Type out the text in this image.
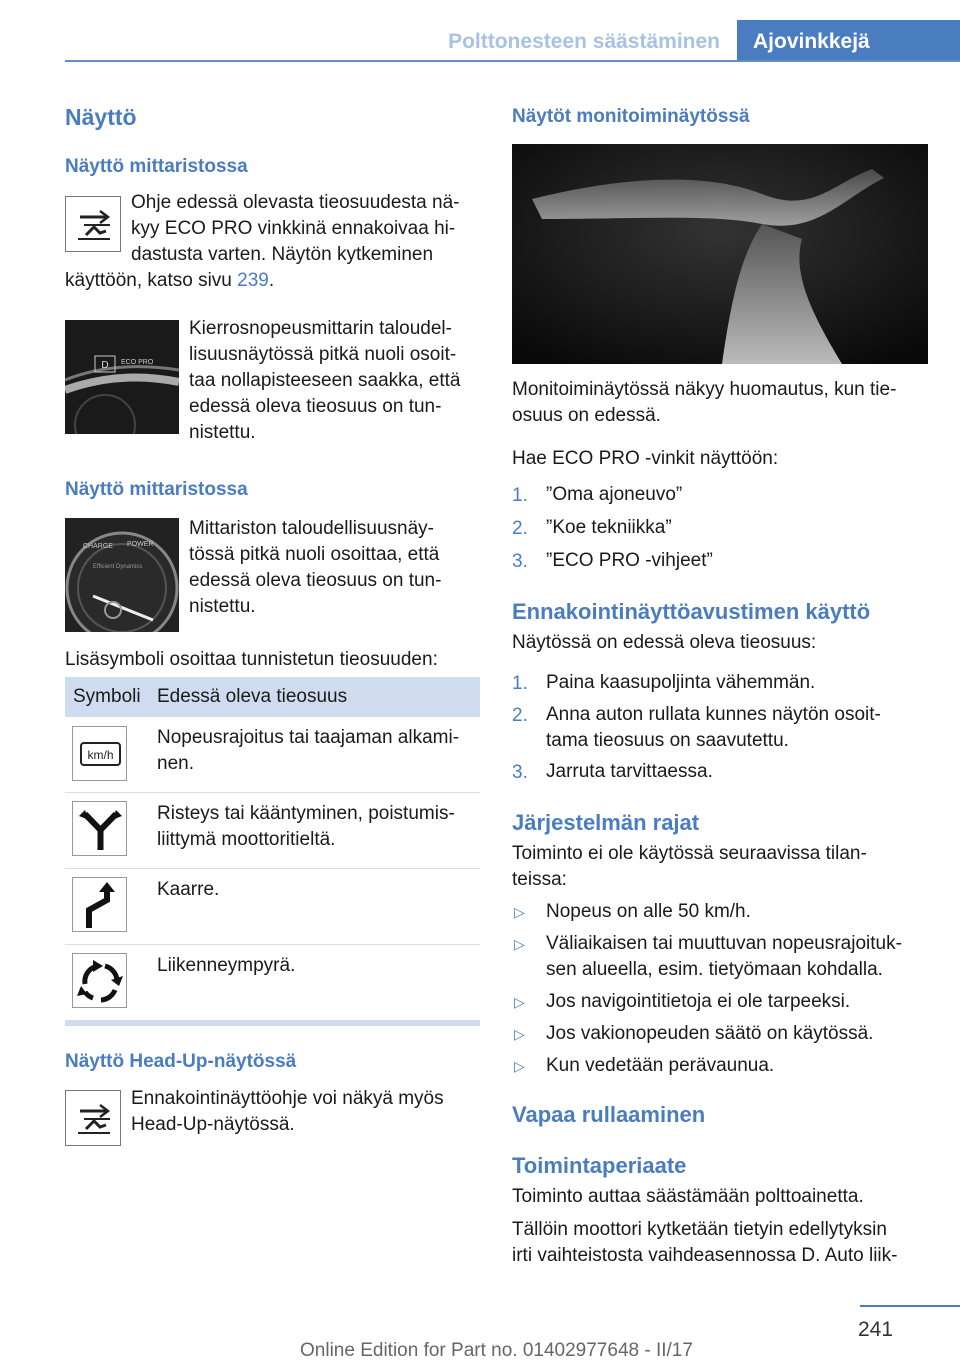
Polttonesteen säästäminen	Ajovinkkejä
Näyttö
Näyttö mittaristossa
Ohje edessä olevasta tieosuudesta nä‐
kyy ECO PRO vinkkinä ennakoivaa hi‐
dastusta varten. Näytön kytkeminen
käyttöön, katso sivu 239.
D ECO PRO
Kierrosnopeusmittarin taloudel‐
lisuusnäytössä pitkä nuoli osoit‐
taa nollapisteeseen saakka, että
edessä oleva tieosuus on tun‐
nistettu.
Näyttö mittaristossa
CHARGE POWER
Efficient Dynamics
Mittariston taloudellisuusnäy‐
tössä pitkä nuoli osoittaa, että
edessä oleva tieosuus on tun‐
nistettu.
Lisäsymboli osoittaa tunnistetun tieosuuden:
Symboli Edessä oleva tieosuus
km/h
Nopeusrajoitus tai taajaman alkami‐
nen.
Risteys tai kääntyminen, poistumis‐
liittymä moottoritieltä.
Kaarre.
Liikenneympyrä.
Näyttö Head-Up-näytössä
Ennakointinäyttöohje voi näkyä myös
Head-Up-näytössä.
Näytöt monitoiminäytössä
Monitoiminäytössä näkyy huomautus, kun tie‐
osuus on edessä.
Hae ECO PRO -vinkit näyttöön:
1. ”Oma ajoneuvo”
2. ”Koe tekniikka”
3. ”ECO PRO -vihjeet”
Ennakointinäyttöavustimen käyttö
Näytössä on edessä oleva tieosuus:
1. Paina kaasupoljinta vähemmän.
2. Anna auton rullata kunnes näytön osoit‐
tama tieosuus on saavutettu.
3. Jarruta tarvittaessa.
Järjestelmän rajat
Toiminto ei ole käytössä seuraavissa tilan‐
teissa:
▷ Nopeus on alle 50 km/h.
▷ Väliaikaisen tai muuttuvan nopeusrajoituk‐
sen alueella, esim. tietyömaan kohdalla.
▷ Jos navigointitietoja ei ole tarpeeksi.
▷ Jos vakionopeuden säätö on käytössä.
▷ Kun vedetään perävaunua.
Vapaa rullaaminen
Toimintaperiaate
Toiminto auttaa säästämään polttoainetta.
Tällöin moottori kytketään tietyin edellytyksin
irti vaihteistosta vaihdeasennossa D. Auto liik‐
241
Online Edition for Part no. 01402977648 - II/17
